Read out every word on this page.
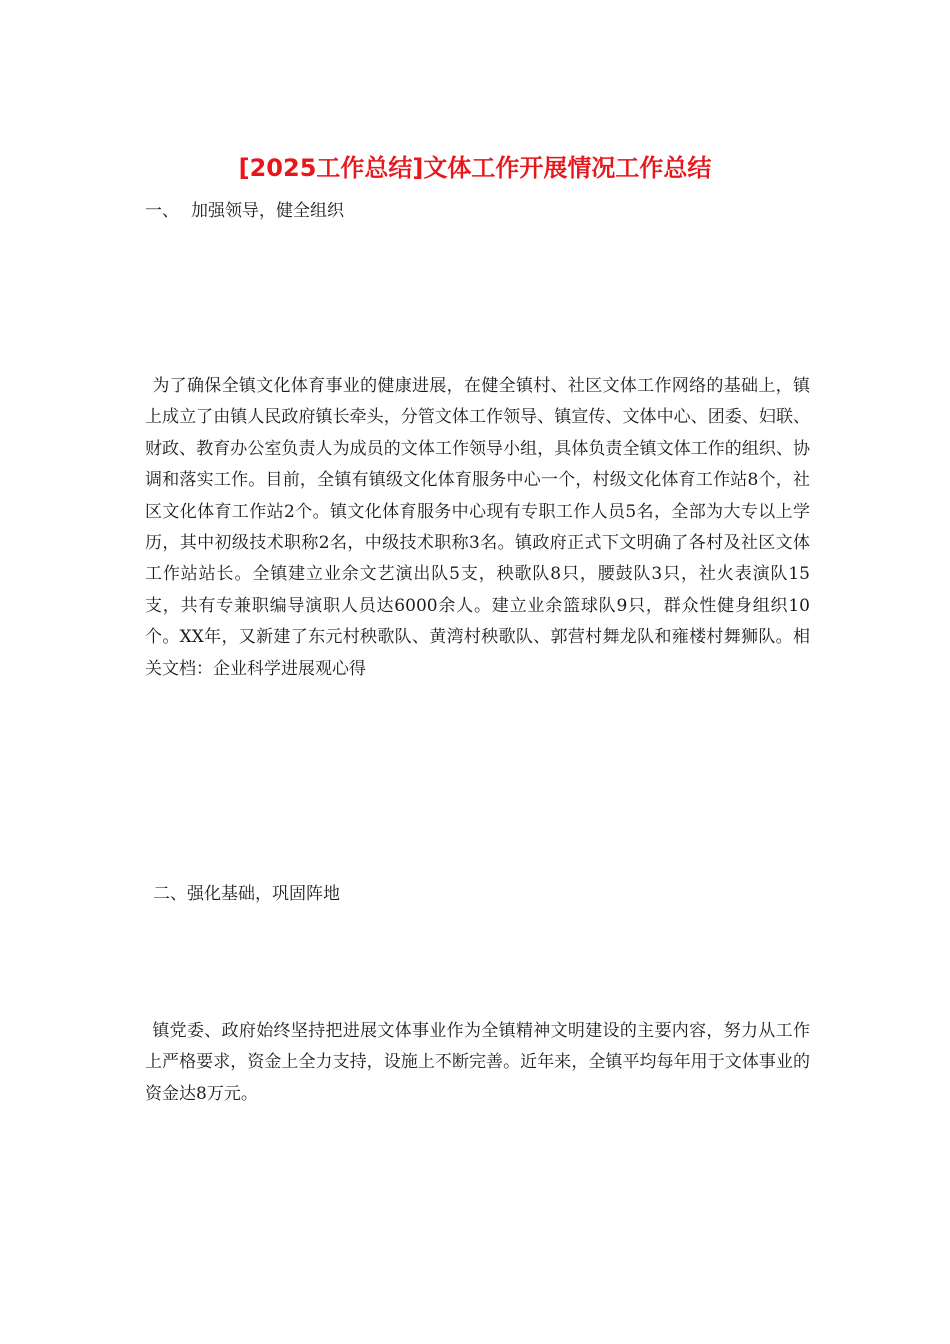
[2025工作总结]文体工作开展情况工作总结

一、 加强领导，健全组织

为了确保全镇文化体育事业的健康进展，在健全镇村、社区文体工作网络的基础上，镇上成立了由镇人民政府镇长牵头，分管文体工作领导、镇宣传、文体中心、团委、妇联、财政、教育办公室负责人为成员的文体工作领导小组，具体负责全镇文体工作的组织、协调和落实工作。目前，全镇有镇级文化体育服务中心一个，村级文化体育工作站8个，社区文化体育工作站2个。镇文化体育服务中心现有专职工作人员5名，全部为大专以上学历，其中初级技术职称2名，中级技术职称3名。镇政府正式下文明确了各村及社区文体工作站站长。全镇建立业余文艺演出队5支，秧歌队8只，腰鼓队3只，社火表演队15支，共有专兼职编导演职人员达6000余人。建立业余篮球队9只，群众性健身组织10个。XX年，又新建了东元村秧歌队、黄湾村秧歌队、郭营村舞龙队和雍楼村舞狮队。相关文档：企业科学进展观心得

二、强化基础，巩固阵地

镇党委、政府始终坚持把进展文体事业作为全镇精神文明建设的主要内容，努力从工作上严格要求，资金上全力支持，设施上不断完善。近年来，全镇平均每年用于文体事业的资金达8万元。
